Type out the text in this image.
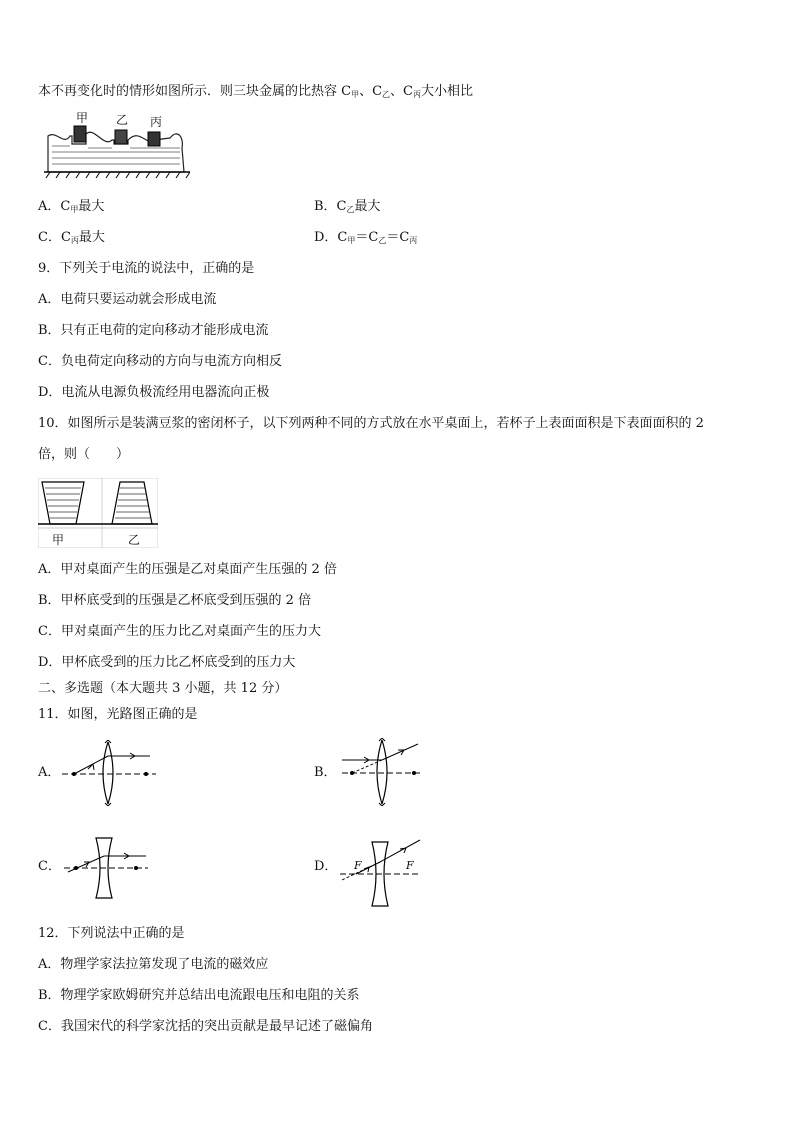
本不再变化时的情形如图所示．则三块金属的比热容 $C_甲$、$C_乙$、$C_丙$大小相比
甲 乙 丙
A．$C_甲$最大	B．$C_乙$最大
C．$C_丙$最大	D．$C_甲=C_乙=C_丙$
9．下列关于电流的说法中，正确的是
A．电荷只要运动就会形成电流
B．只有正电荷的定向移动才能形成电流
C．负电荷定向移动的方向与电流方向相反
D．电流从电源负极流经用电器流向正极
10．如图所示是装满豆浆的密闭杯子，以下列两种不同的方式放在水平桌面上，若杯子上表面面积是下表面面积的 2
倍，则（　　）
甲	乙
A．甲对桌面产生的压强是乙对桌面产生压强的 2 倍
B．甲杯底受到的压强是乙杯底受到压强的 2 倍
C．甲对桌面产生的压力比乙对桌面产生的压力大
D．甲杯底受到的压力比乙杯底受到的压力大
二、多选题（本大题共 3 小题，共 12 分）
11．如图，光路图正确的是
A．	B．
C．	D． F	F
12．下列说法中正确的是
A．物理学家法拉第发现了电流的磁效应
B．物理学家欧姆研究并总结出电流跟电压和电阻的关系
C．我国宋代的科学家沈括的突出贡献是最早记述了磁偏角
